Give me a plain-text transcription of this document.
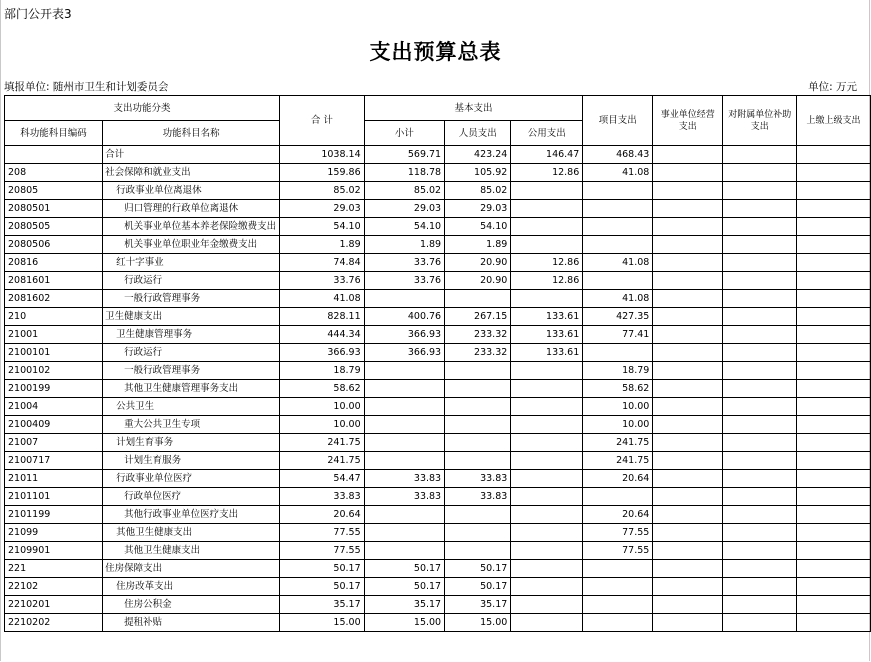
部门公开表3
支出预算总表
填报单位: 随州市卫生和计划委员会	单位: 万元
支出功能分类		合 计	基本支出			项目支出	事业单位经营支出	对附属单位补助支出	上缴上级支出
科功能科目编码	功能科目名称		小计	人员支出	公用支出				
	合计	1038.14	569.71	423.24	146.47	468.43			
208	社会保障和就业支出	159.86	118.78	105.92	12.86	41.08			
20805	行政事业单位离退休	85.02	85.02	85.02					
2080501	归口管理的行政单位离退休	29.03	29.03	29.03					
2080505	机关事业单位基本养老保险缴费支出	54.10	54.10	54.10					
2080506	机关事业单位职业年金缴费支出	1.89	1.89	1.89					
20816	红十字事业	74.84	33.76	20.90	12.86	41.08			
2081601	行政运行	33.76	33.76	20.90	12.86				
2081602	一般行政管理事务	41.08				41.08			
210	卫生健康支出	828.11	400.76	267.15	133.61	427.35			
21001	卫生健康管理事务	444.34	366.93	233.32	133.61	77.41			
2100101	行政运行	366.93	366.93	233.32	133.61				
2100102	一般行政管理事务	18.79				18.79			
2100199	其他卫生健康管理事务支出	58.62				58.62			
21004	公共卫生	10.00				10.00			
2100409	重大公共卫生专项	10.00				10.00			
21007	计划生育事务	241.75				241.75			
2100717	计划生育服务	241.75				241.75			
21011	行政事业单位医疗	54.47	33.83	33.83		20.64			
2101101	行政单位医疗	33.83	33.83	33.83					
2101199	其他行政事业单位医疗支出	20.64				20.64			
21099	其他卫生健康支出	77.55				77.55			
2109901	其他卫生健康支出	77.55				77.55			
221	住房保障支出	50.17	50.17	50.17					
22102	住房改革支出	50.17	50.17	50.17					
2210201	住房公积金	35.17	35.17	35.17					
2210202	提租补贴	15.00	15.00	15.00					
